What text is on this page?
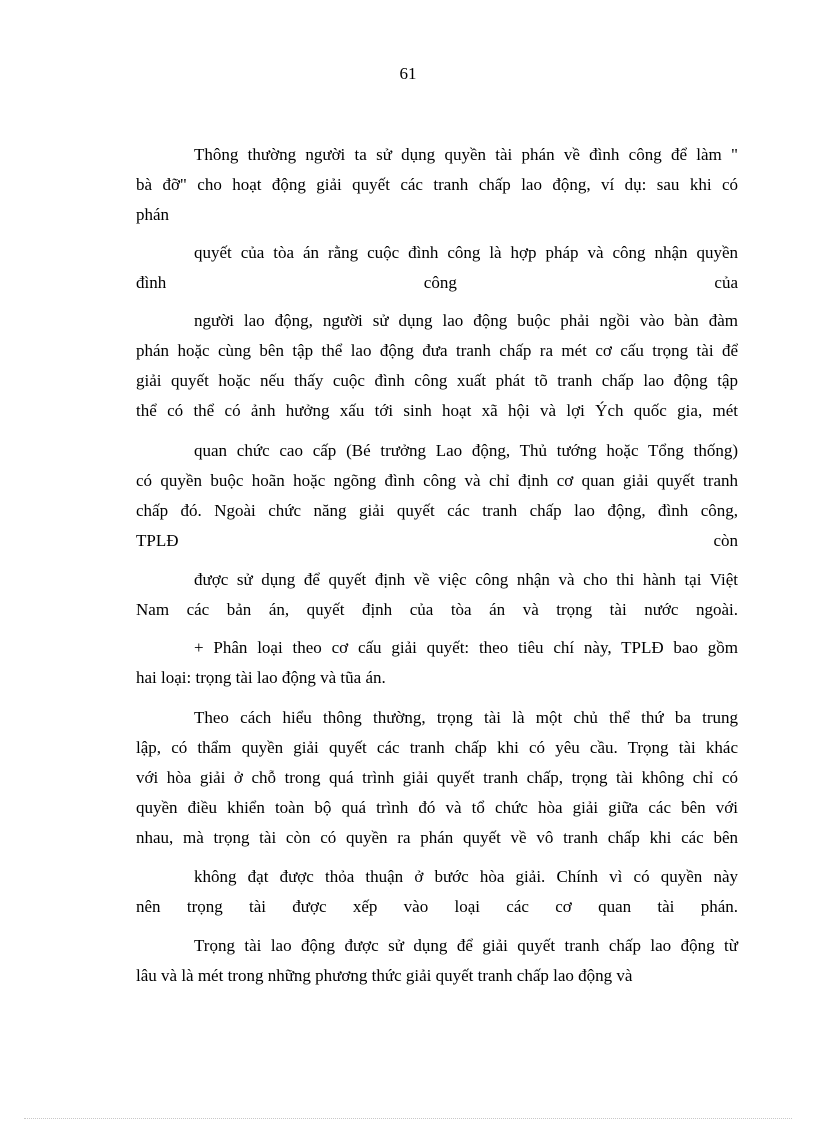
61
Thông thường người ta sử dụng quyền tài phán về đình công để làm "
bà đỡ" cho hoạt động giải quyết các tranh chấp lao động, ví dụ: sau khi có
phán
quyết của tòa án rằng cuộc đình công là hợp pháp và công nhận quyền
đình công của
người lao động, người sử dụng lao động buộc phải ngồi vào bàn đàm
phán hoặc cùng bên tập thể lao động đưa tranh chấp ra mét cơ cấu trọng tài để
giải quyết hoặc nếu thấy cuộc đình công xuất phát tõ tranh chấp lao động tập
thể có thể có ảnh hưởng xấu tới sinh hoạt xã hội và lợi Ých quốc gia, mét
quan chức cao cấp (Bé trưởng Lao động, Thủ tướng hoặc Tổng thống)
có quyền buộc hoãn hoặc ngõng đình công và chỉ định cơ quan giải quyết tranh
chấp đó. Ngoài chức năng giải quyết các tranh chấp lao động, đình công,
TPLĐ còn
được sử dụng để quyết định về việc công nhận và cho thi hành tại Việt
Nam các bản án, quyết định của tòa án và trọng tài nước ngoài.
+ Phân loại theo cơ cấu giải quyết: theo tiêu chí này, TPLĐ bao gồm
hai loại: trọng tài lao động và tũa án.
Theo cách hiểu thông thường, trọng tài là một chủ thể thứ ba trung
lập, có thẩm quyền giải quyết các tranh chấp khi có yêu cầu. Trọng tài khác
với hòa giải ở chỗ trong quá trình giải quyết tranh chấp, trọng tài không chỉ có
quyền điều khiển toàn bộ quá trình đó và tổ chức hòa giải giữa các bên với
nhau, mà trọng tài còn có quyền ra phán quyết về vô tranh chấp khi các bên
không đạt được thỏa thuận ở bước hòa giải. Chính vì có quyền này
nên trọng tài được xếp vào loại các cơ quan tài phán.
Trọng tài lao động được sử dụng để giải quyết tranh chấp lao động từ
lâu và là mét trong những phương thức giải quyết tranh chấp lao động và
